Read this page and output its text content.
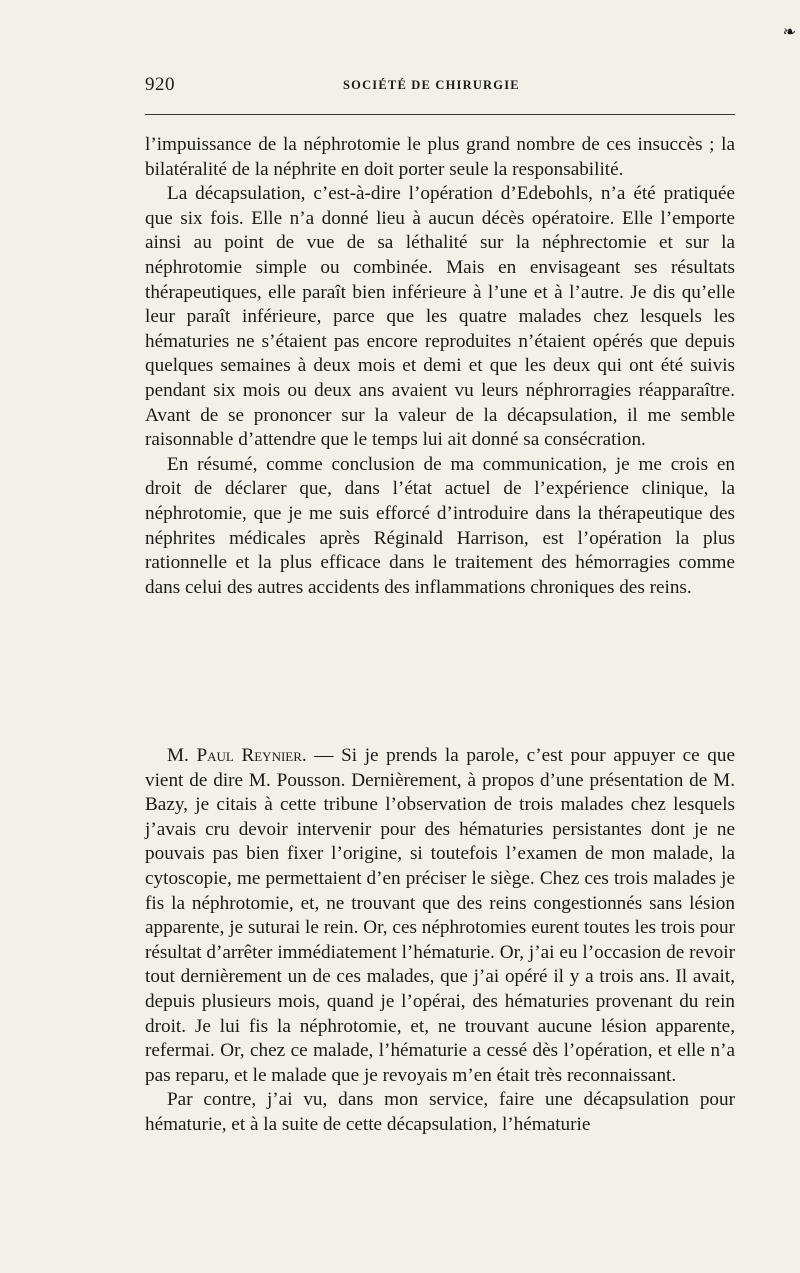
❧
920	SOCIÉTÉ DE CHIRURGIE

l’impuissance de la néphrotomie le plus grand nombre de ces insuccès ; la bilatéralité de la néphrite en doit porter seule la responsabilité.

La décapsulation, c’est-à-dire l’opération d’Edebohls, n’a été pratiquée que six fois. Elle n’a donné lieu à aucun décès opératoire. Elle l’emporte ainsi au point de vue de sa léthalité sur la néphrectomie et sur la néphrotomie simple ou combinée. Mais en envisageant ses résultats thérapeutiques, elle paraît bien inférieure à l’une et à l’autre. Je dis qu’elle leur paraît inférieure, parce que les quatre malades chez lesquels les hématuries ne s’étaient pas encore reproduites n’étaient opérés que depuis quelques semaines à deux mois et demi et que les deux qui ont été suivis pendant six mois ou deux ans avaient vu leurs néphrorragies réapparaître. Avant de se prononcer sur la valeur de la décapsulation, il me semble raisonnable d’attendre que le temps lui ait donné sa consécration.

En résumé, comme conclusion de ma communication, je me crois en droit de déclarer que, dans l’état actuel de l’expérience clinique, la néphrotomie, que je me suis efforcé d’introduire dans la thérapeutique des néphrites médicales après Réginald Harrison, est l’opération la plus rationnelle et la plus efficace dans le traitement des hémorragies comme dans celui des autres accidents des inflammations chroniques des reins.

M. Paul Reynier. — Si je prends la parole, c’est pour appuyer ce que vient de dire M. Pousson. Dernièrement, à propos d’une présentation de M. Bazy, je citais à cette tribune l’observation de trois malades chez lesquels j’avais cru devoir intervenir pour des hématuries persistantes dont je ne pouvais pas bien fixer l’origine, si toutefois l’examen de mon malade, la cytoscopie, me permettaient d’en préciser le siège. Chez ces trois malades je fis la néphrotomie, et, ne trouvant que des reins congestionnés sans lésion apparente, je suturai le rein. Or, ces néphrotomies eurent toutes les trois pour résultat d’arrêter immédiatement l’hématurie. Or, j’ai eu l’occasion de revoir tout dernièrement un de ces malades, que j’ai opéré il y a trois ans. Il avait, depuis plusieurs mois, quand je l’opérai, des hématuries provenant du rein droit. Je lui fis la néphrotomie, et, ne trouvant aucune lésion apparente, refermai. Or, chez ce malade, l’hématurie a cessé dès l’opération, et elle n’a pas reparu, et le malade que je revoyais m’en était très reconnaissant.

Par contre, j’ai vu, dans mon service, faire une décapsulation pour hématurie, et à la suite de cette décapsulation, l’hématurie
